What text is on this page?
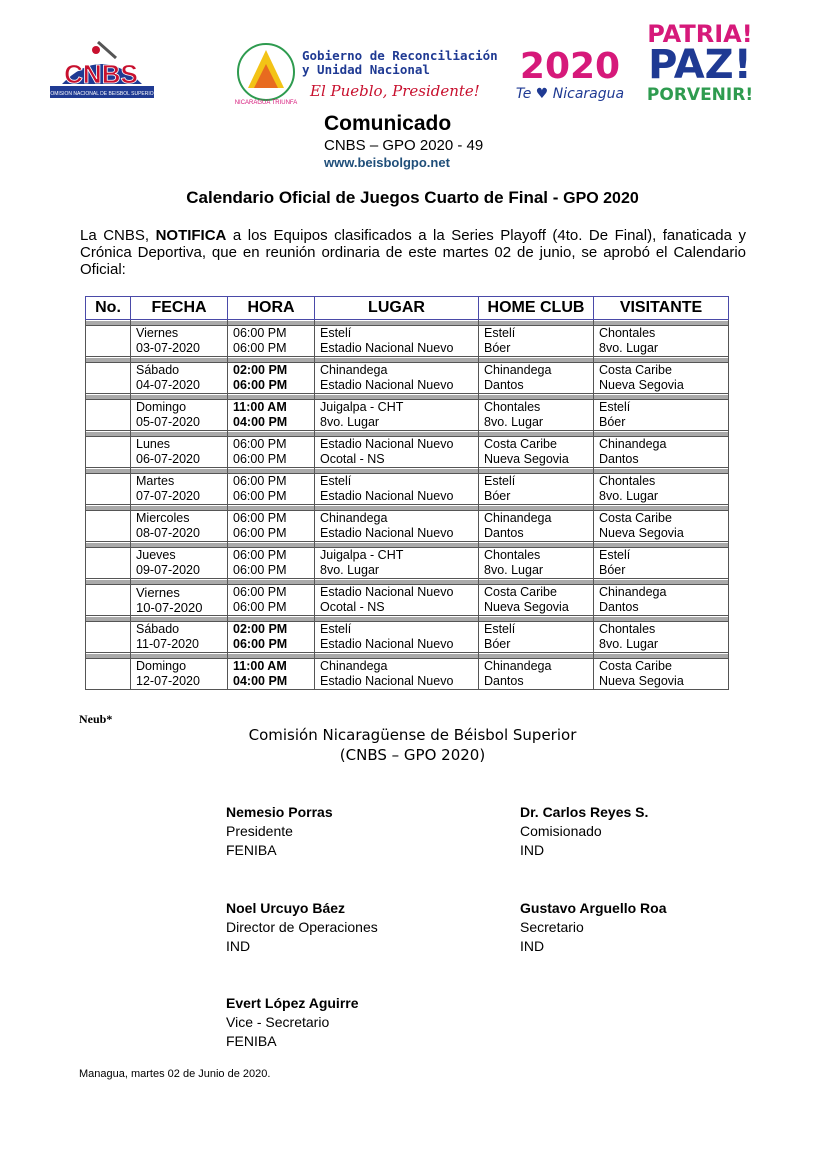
CNBS
COMISION NACIONAL DE BEISBOL SUPERIOR
NICARAGUA TRIUNFA
Gobierno de Reconciliación
y Unidad Nacional
El Pueblo, Presidente!
2020
Te ♥ Nicaragua
PATRIA!
PAZ!
PORVENIR!
Comunicado
CNBS – GPO 2020 - 49
www.beisbolgpo.net
Calendario Oficial de Juegos Cuarto de Final - GPO 2020
La CNBS, NOTIFICA a los Equipos clasificados a la Series Playoff (4to. De Final), fanaticada y Crónica Deportiva, que en reunión ordinaria de este martes 02 de junio, se aprobó el Calendario Oficial:
No.	FECHA	HORA	LUGAR	HOME CLUB	VISITANTE

	Viernes	06:00 PM	Estelí	Estelí	Chontales
	03-07-2020	06:00 PM	Estadio Nacional Nuevo	Bóer	8vo. Lugar

	Sábado	02:00 PM	Chinandega	Chinandega	Costa Caribe
	04-07-2020	06:00 PM	Estadio Nacional Nuevo	Dantos	Nueva Segovia

	Domingo	11:00 AM	Juigalpa - CHT	Chontales	Estelí
	05-07-2020	04:00 PM	8vo. Lugar	8vo. Lugar	Bóer

	Lunes	06:00 PM	Estadio Nacional Nuevo	Costa Caribe	Chinandega
	06-07-2020	06:00 PM	Ocotal - NS	Nueva Segovia	Dantos

	Martes	06:00 PM	Estelí	Estelí	Chontales
	07-07-2020	06:00 PM	Estadio Nacional Nuevo	Bóer	8vo. Lugar

	Miercoles	06:00 PM	Chinandega	Chinandega	Costa Caribe
	08-07-2020	06:00 PM	Estadio Nacional Nuevo	Dantos	Nueva Segovia

	Jueves	06:00 PM	Juigalpa - CHT	Chontales	Estelí
	09-07-2020	06:00 PM	8vo. Lugar	8vo. Lugar	Bóer

	Viernes	06:00 PM	Estadio Nacional Nuevo	Costa Caribe	Chinandega
	10-07-2020	06:00 PM	Ocotal - NS	Nueva Segovia	Dantos

	Sábado	02:00 PM	Estelí	Estelí	Chontales
	11-07-2020	06:00 PM	Estadio Nacional Nuevo	Bóer	8vo. Lugar

	Domingo	11:00 AM	Chinandega	Chinandega	Costa Caribe
	12-07-2020	04:00 PM	Estadio Nacional Nuevo	Dantos	Nueva Segovia
Neub*
Comisión Nicaragüense de Béisbol Superior
(CNBS – GPO 2020)
Nemesio Porras
Presidente
FENIBA
Dr. Carlos Reyes S.
Comisionado
IND
Noel Urcuyo Báez
Director de Operaciones
IND
Gustavo Arguello Roa
Secretario
IND
Evert López Aguirre
Vice - Secretario
FENIBA
Managua, martes 02 de Junio de 2020.
